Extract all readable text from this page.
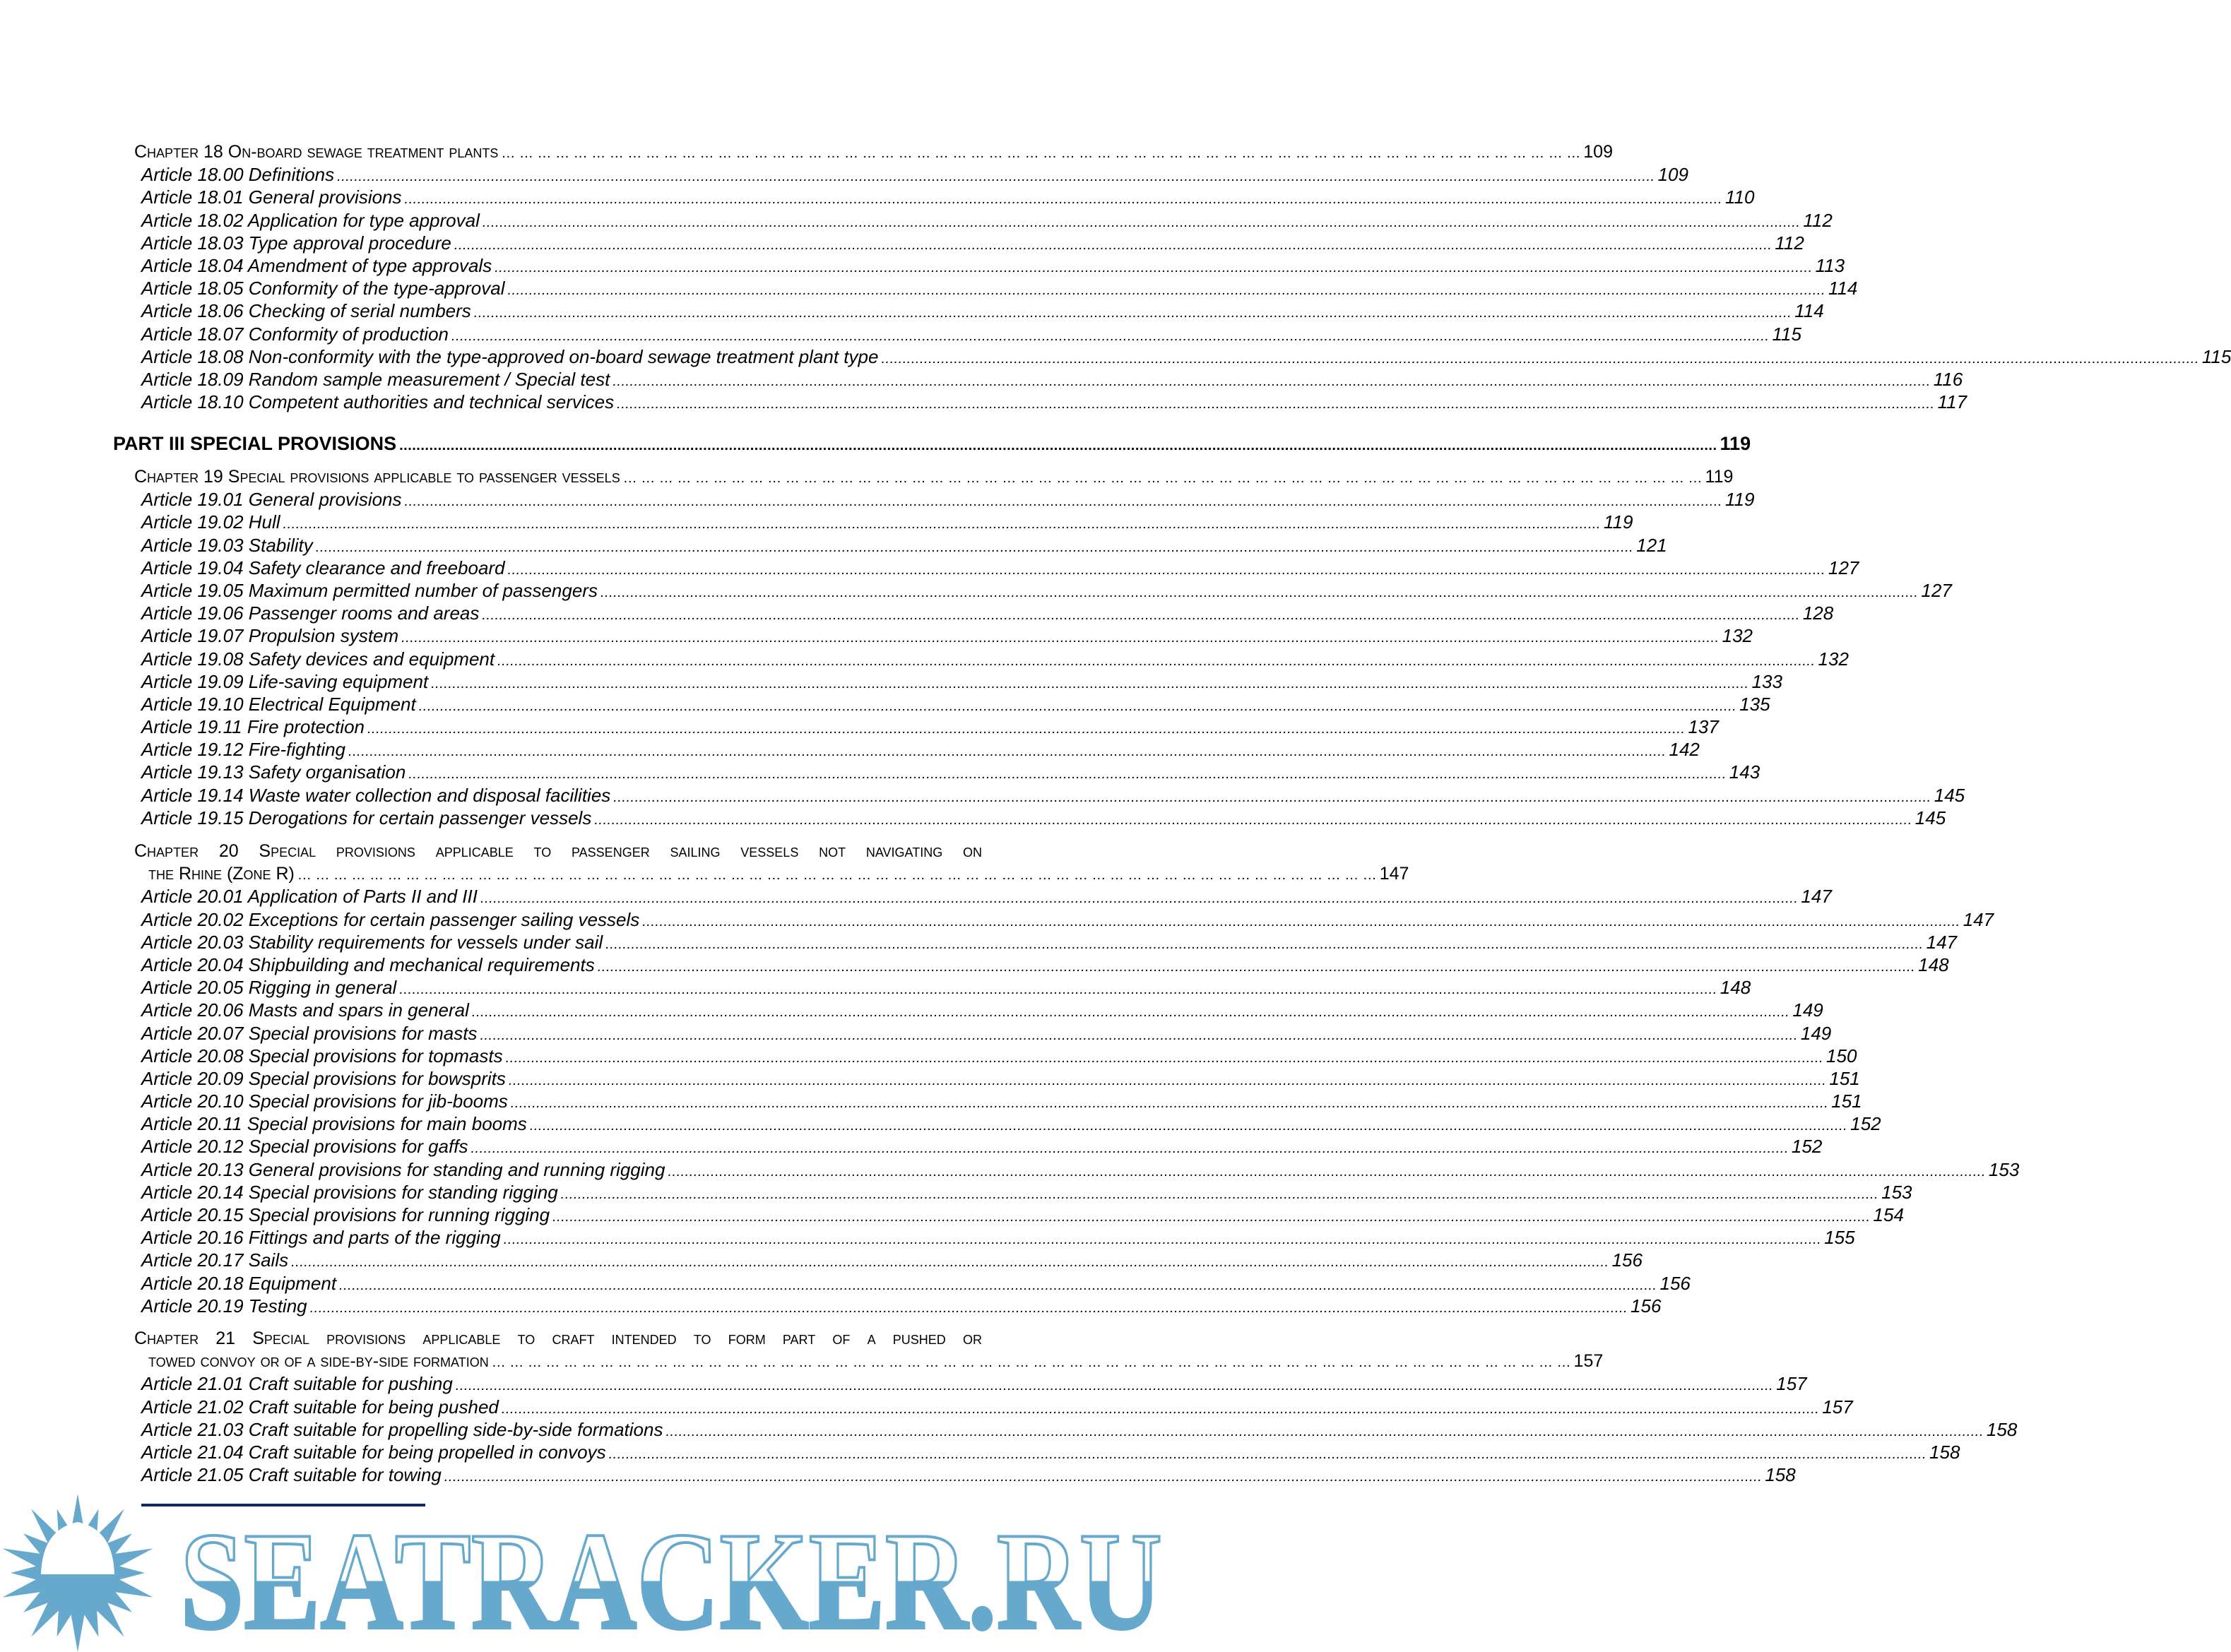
Chapter 18 On-board sewage treatment plants … … … … … … … … … … … … … … … … … … … … … … … … … … … … … … … … … … … … … … … … … … … … … … … … … … … … … … … … … … … …	109
Article 18.00 Definitions .....	109
Article 18.01 General provisions .....	110
Article 18.02 Application for type approval .....	112
Article 18.03 Type approval procedure .....	112
Article 18.04 Amendment of type approvals .....	113
Article 18.05 Conformity of the type-approval .....	114
Article 18.06 Checking of serial numbers .....	114
Article 18.07 Conformity of production .....	115
Article 18.08 Non-conformity with the type-approved on-board sewage treatment plant type .....	115
Article 18.09 Random sample measurement / Special test .....	116
Article 18.10 Competent authorities and technical services .....	117
PART III SPECIAL PROVISIONS .....	119
Chapter 19 Special provisions applicable to passenger vessels … … … … … … … … … … … … … … … … … … … … … … … … … … … … … … … … … … … … … … … … … … … … … … … … … … … … … … … … … … … …	119
Article 19.01 General provisions .....	119
Article 19.02 Hull .....	119
Article 19.03 Stability .....	121
Article 19.04 Safety clearance and freeboard .....	127
Article 19.05 Maximum permitted number of passengers .....	127
Article 19.06 Passenger rooms and areas .....	128
Article 19.07 Propulsion system .....	132
Article 19.08 Safety devices and equipment .....	132
Article 19.09 Life-saving equipment .....	133
Article 19.10 Electrical Equipment .....	135
Article 19.11 Fire protection .....	137
Article 19.12 Fire-fighting .....	142
Article 19.13 Safety organisation .....	143
Article 19.14 Waste water collection and disposal facilities .....	145
Article 19.15 Derogations for certain passenger vessels .....	145
Chapter 20 Special provisions applicable to passenger sailing vessels not navigating on
the Rhine (Zone R) … … … … … … … … … … … … … … … … … … … … … … … … … … … … … … … … … … … … … … … … … … … … … … … … … … … … … … … … … … … …	147
Article 20.01 Application of Parts II and III .....	147
Article 20.02 Exceptions for certain passenger sailing vessels .....	147
Article 20.03 Stability requirements for vessels under sail .....	147
Article 20.04 Shipbuilding and mechanical requirements .....	148
Article 20.05 Rigging in general .....	148
Article 20.06 Masts and spars in general .....	149
Article 20.07 Special provisions for masts .....	149
Article 20.08 Special provisions for topmasts .....	150
Article 20.09 Special provisions for bowsprits .....	151
Article 20.10 Special provisions for jib-booms .....	151
Article 20.11 Special provisions for main booms .....	152
Article 20.12 Special provisions for gaffs .....	152
Article 20.13 General provisions for standing and running rigging .....	153
Article 20.14 Special provisions for standing rigging .....	153
Article 20.15 Special provisions for running rigging .....	154
Article 20.16 Fittings and parts of the rigging .....	155
Article 20.17 Sails .....	156
Article 20.18 Equipment .....	156
Article 20.19 Testing .....	156
Chapter 21 Special provisions applicable to craft intended to form part of a pushed or
towed convoy or of a side-by-side formation … … … … … … … … … … … … … … … … … … … … … … … … … … … … … … … … … … … … … … … … … … … … … … … … … … … … … … … … … … … …	157
Article 21.01 Craft suitable for pushing .....	157
Article 21.02 Craft suitable for being pushed .....	157
Article 21.03 Craft suitable for propelling side-by-side formations .....	158
Article 21.04 Craft suitable for being propelled in convoys .....	158
Article 21.05 Craft suitable for towing .....	158
SEATRACKER.RU
